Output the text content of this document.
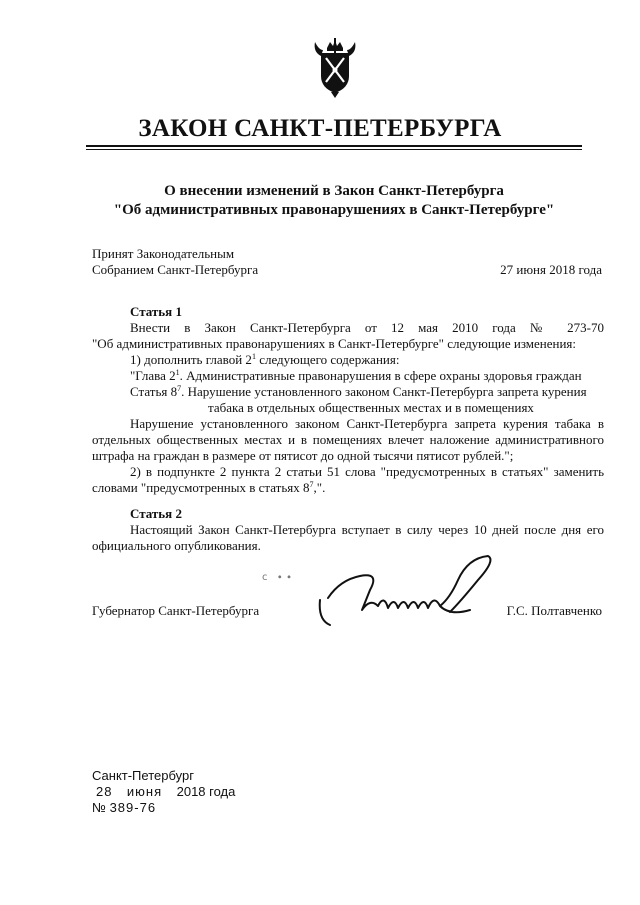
ЗАКОН САНКТ-ПЕТЕРБУРГА
О внесении изменений в Закон Санкт-Петербурга
"Об административных правонарушениях в Санкт-Петербурге"
Принят Законодательным
Собранием Санкт-Петербурга	27 июня 2018 года
Статья 1
Внести в Закон Санкт-Петербурга от 12 мая 2010 года № 273-70
"Об административных правонарушениях в Санкт-Петербурге" следующие изменения:
1) дополнить главой $2^1$ следующего содержания:
"Глава $2^1$. Административные правонарушения в сфере охраны здоровья граждан
Статья $8^7$. Нарушение установленного законом Санкт-Петербурга запрета курения
табака в отдельных общественных местах и в помещениях
Нарушение установленного законом Санкт-Петербурга запрета курения табака в отдельных общественных местах и в помещениях влечет наложение административного штрафа на граждан в размере от пятисот до одной тысячи пятисот рублей.";
2) в подпункте 2 пункта 2 статьи 51 слова "предусмотренных в статьях" заменить словами "предусмотренных в статьях $8^7$,".
Статья 2
Настоящий Закон Санкт-Петербурга вступает в силу через 10 дней после дня его официального опубликования.
с ∙∙
Губернатор Санкт-Петербурга	Г.С. Полтавченко
Санкт-Петербург
28 июня 2018 года
№ 389-76
